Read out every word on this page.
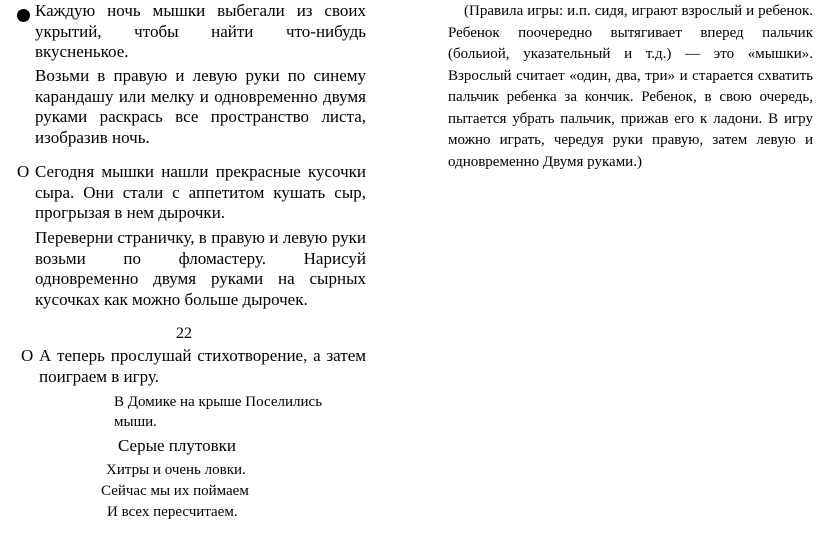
Каждую ночь мышки выбегали из своих укрытий, чтобы найти что-нибудь вкусненькое.

Возьми в правую и левую руки по синему карандашу или мелку и одновременно двумя руками раскрась все пространство листа, изобразив ночь.

О Сегодня мышки нашли прекрасные кусочки сыра. Они стали с аппетитом кушать сыр, прогрызая в нем дырочки.

Переверни страничку, в правую и левую руки возьми по фломастеру. Нарисуй одновременно двумя руками на сырных кусочках как можно больше дырочек.

22
О А теперь прослушай стихотворение, а затем поиграем в игру.

В Домике на крыше Поселились
мыши.
Серые плутовки
Хитры и очень ловки.
Сейчас мы их поймаем
И всех пересчитаем.

(Правила игры: и.п. сидя, играют взрослый и ребенок. Ребенок поочередно вытягивает вперед пальчик (больиой, указательный и т.д.) — это «мышки». Взрослый считает «один, два, три» и старается схватить пальчик ребенка за кончик. Ребенок, в свою очередь, пытается убрать пальчик, прижав его к ладони. В игру можно играть, чередуя руки правую, затем левую и одновременно Двумя руками.)
